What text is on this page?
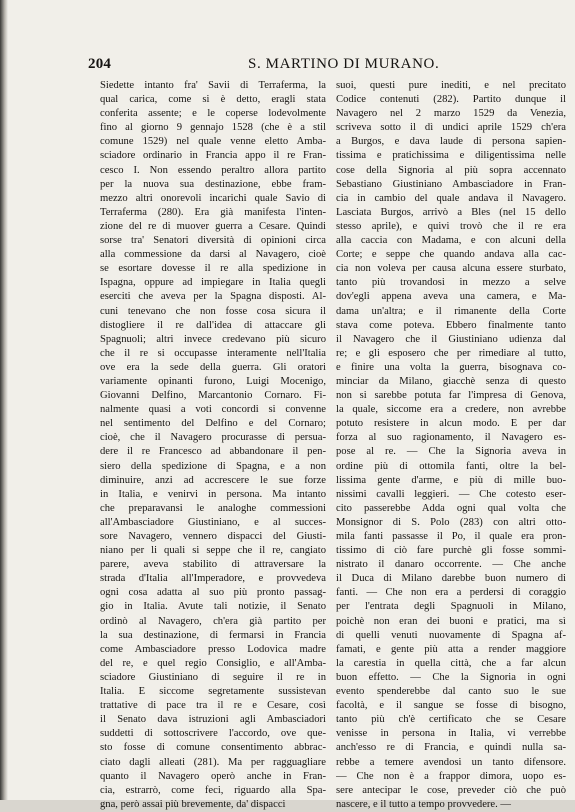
204	S. MARTINO DI MURANO.
Siedette intanto fra' Savii di Terraferma, la
qual carica, come si è detto, eragli stata
conferita assente; e le coperse lodevolmente
fino al giorno 9 gennajo 1528 (che è a stil
comune 1529) nel quale venne eletto Amba-
sciadore ordinario in Francia appo il re Fran-
cesco I. Non essendo peraltro allora partito
per la nuova sua destinazione, ebbe fram-
mezzo altri onorevoli incarichi quale Savio di
Terraferma (280). Era già manifesta l'inten-
zione del re di muover guerra a Cesare. Quindi
sorse tra' Senatori diversità di opinioni circa
alla commessione da darsi al Navagero, cioè
se esortare dovesse il re alla spedizione in
Ispagna, oppure ad impiegare in Italia quegli
eserciti che aveva per la Spagna disposti. Al-
cuni tenevano che non fosse cosa sicura il
distogliere il re dall'idea di attaccare gli
Spagnuoli; altri invece credevano più sicuro
che il re si occupasse interamente nell'Italia
ove era la sede della guerra. Gli oratori
variamente opinanti furono, Luigi Mocenigo,
Giovanni Delfino, Marcantonio Cornaro. Fi-
nalmente quasi a voti concordi si convenne
nel sentimento del Delfino e del Cornaro;
cioè, che il Navagero procurasse di persua-
dere il re Francesco ad abbandonare il pen-
siero della spedizione di Spagna, e a non
diminuire, anzi ad accrescere le sue forze
in Italia, e venirvi in persona. Ma intanto
che preparavansi le analoghe commessioni
all'Ambasciadore Giustiniano, e al succes-
sore Navagero, vennero dispacci del Giusti-
niano per li quali si seppe che il re, cangiato
parere, aveva stabilito di attraversare la
strada d'Italia all'Imperadore, e provvedeva
ogni cosa adatta al suo più pronto passag-
gio in Italia. Avute tali notizie, il Senato
ordinò al Navagero, ch'era già partito per
la sua destinazione, di fermarsi in Francia
come Ambasciadore presso Lodovica madre
del re, e quel regio Consiglio, e all'Amba-
sciadore Giustiniano di seguire il re in
Italia. E siccome segretamente sussistevan
trattative di pace tra il re e Cesare, così
il Senato dava istruzioni agli Ambasciadori
suddetti di sottoscrivere l'accordo, ove que-
sto fosse di comune consentimento abbrac-
ciato dagli alleati (281). Ma per ragguagliare
quanto il Navagero operò anche in Fran-
cia, estrarrò, come feci, riguardo alla Spa-
gna, però assai più brevemente, da' dispacci
suoi, questi pure inediti, e nel precitato
Codice contenuti (282). Partito dunque il
Navagero nel 2 marzo 1529 da Venezia,
scriveva sotto il dì undici aprile 1529 ch'era
a Burgos, e dava laude di persona sapien-
tissima e pratichissima e diligentissima nelle
cose della Signoria al più sopra accennato
Sebastiano Giustiniano Ambasciadore in Fran-
cia in cambio del quale andava il Navagero.
Lasciata Burgos, arrivò a Bles (nel 15 dello
stesso aprile), e quivi trovò che il re era
alla caccia con Madama, e con alcuni della
Corte; e seppe che quando andava alla cac-
cia non voleva per causa alcuna essere sturbato,
tanto più trovandosi in mezzo a selve
dov'egli appena aveva una camera, e Ma-
dama un'altra; e il rimanente della Corte
stava come poteva. Ebbero finalmente tanto
il Navagero che il Giustiniano udienza dal
re; e gli esposero che per rimediare al tutto,
e finire una volta la guerra, bisognava co-
minciar da Milano, giacchè senza di questo
non si sarebbe potuta far l'impresa di Genova,
la quale, siccome era a credere, non avrebbe
potuto resistere in alcun modo. E per dar
forza al suo ragionamento, il Navagero es-
pose al re. — Che la Signoria aveva in
ordine più di ottomila fanti, oltre la bel-
lissima gente d'arme, e più di mille buo-
nissimi cavalli leggieri. — Che cotesto eser-
cito passerebbe Adda ogni qual volta che
Monsignor di S. Polo (283) con altri otto-
mila fanti passasse il Po, il quale era pron-
tissimo di ciò fare purchè gli fosse sommi-
nistrato il danaro occorrente. — Che anche
il Duca di Milano darebbe buon numero di
fanti. — Che non era a perdersi di coraggio
per l'entrata degli Spagnuoli in Milano,
poichè non eran dei buoni e pratici, ma sì
di quelli venuti nuovamente di Spagna af-
famati, e gente più atta a render maggiore
la carestia in quella città, che a far alcun
buon effetto. — Che la Signoria in ogni
evento spenderebbe dal canto suo le sue
facoltà, e il sangue se fosse di bisogno,
tanto più ch'è certificato che se Cesare
venisse in persona in Italia, vi verrebbe
anch'esso re di Francia, e quindi nulla sa-
rebbe a temere avendosi un tanto difensore.
— Che non è a frappor dimora, uopo es-
sere antecipar le cose, preveder ciò che può
nascere, e il tutto a tempo provvedere. —
